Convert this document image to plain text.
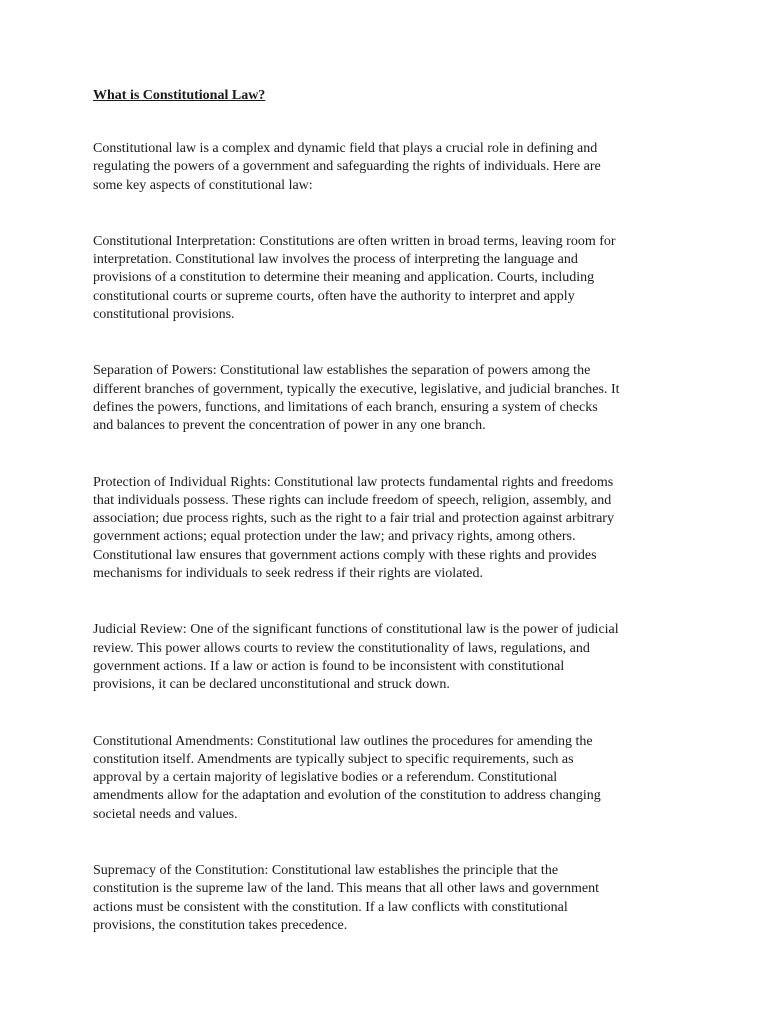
What is Constitutional Law?

Constitutional law is a complex and dynamic field that plays a crucial role in defining and
regulating the powers of a government and safeguarding the rights of individuals. Here are
some key aspects of constitutional law:

Constitutional Interpretation: Constitutions are often written in broad terms, leaving room for
interpretation. Constitutional law involves the process of interpreting the language and
provisions of a constitution to determine their meaning and application. Courts, including
constitutional courts or supreme courts, often have the authority to interpret and apply
constitutional provisions.

Separation of Powers: Constitutional law establishes the separation of powers among the
different branches of government, typically the executive, legislative, and judicial branches. It
defines the powers, functions, and limitations of each branch, ensuring a system of checks
and balances to prevent the concentration of power in any one branch.

Protection of Individual Rights: Constitutional law protects fundamental rights and freedoms
that individuals possess. These rights can include freedom of speech, religion, assembly, and
association; due process rights, such as the right to a fair trial and protection against arbitrary
government actions; equal protection under the law; and privacy rights, among others.
Constitutional law ensures that government actions comply with these rights and provides
mechanisms for individuals to seek redress if their rights are violated.

Judicial Review: One of the significant functions of constitutional law is the power of judicial
review. This power allows courts to review the constitutionality of laws, regulations, and
government actions. If a law or action is found to be inconsistent with constitutional
provisions, it can be declared unconstitutional and struck down.

Constitutional Amendments: Constitutional law outlines the procedures for amending the
constitution itself. Amendments are typically subject to specific requirements, such as
approval by a certain majority of legislative bodies or a referendum. Constitutional
amendments allow for the adaptation and evolution of the constitution to address changing
societal needs and values.

Supremacy of the Constitution: Constitutional law establishes the principle that the
constitution is the supreme law of the land. This means that all other laws and government
actions must be consistent with the constitution. If a law conflicts with constitutional
provisions, the constitution takes precedence.
